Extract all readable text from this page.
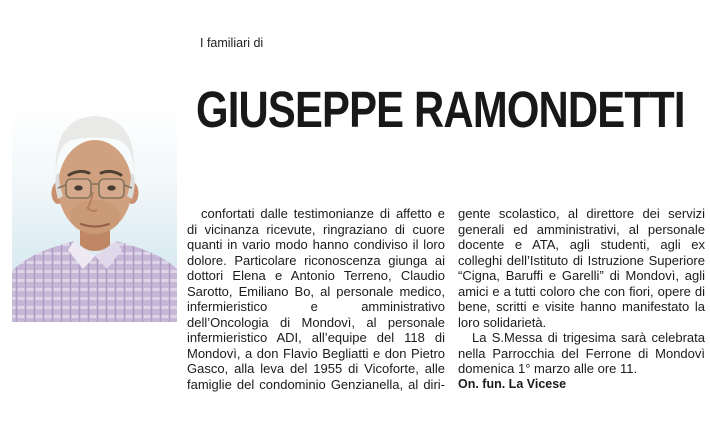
I familiari di
GIUSEPPE RAMONDETTI

confortati dalle testimonianze di affetto e di vicinanza ricevute, ringraziano di cuore quanti in vario modo hanno condiviso il loro dolore. Particolare riconoscenza giunga ai dottori Elena e Antonio Terreno, Claudio Sarotto, Emiliano Bo, al personale medico, infermieristico e amministrativo dell’Oncologia di Mondovì, al personale infermieristico ADI, all’equipe del 118 di Mondovì, a don Flavio Begliatti e don Pietro Gasco, alla leva del 1955 di Vicoforte, alle famiglie del condominio Genzianella, al diri-

gente scolastico, al direttore dei servizi generali ed amministrativi, al personale docente e ATA, agli studenti, agli ex colleghi dell’Istituto di Istruzione Superiore “Cigna, Baruffi e Garelli” di Mondovì, agli amici e a tutti coloro che con fiori, opere di bene, scritti e visite hanno manifestato la loro solidarietà.

La S.Messa di trigesima sarà celebrata nella Parrocchia del Ferrone di Mondovì domenica 1° marzo alle ore 11.

On. fun. La Vicese
